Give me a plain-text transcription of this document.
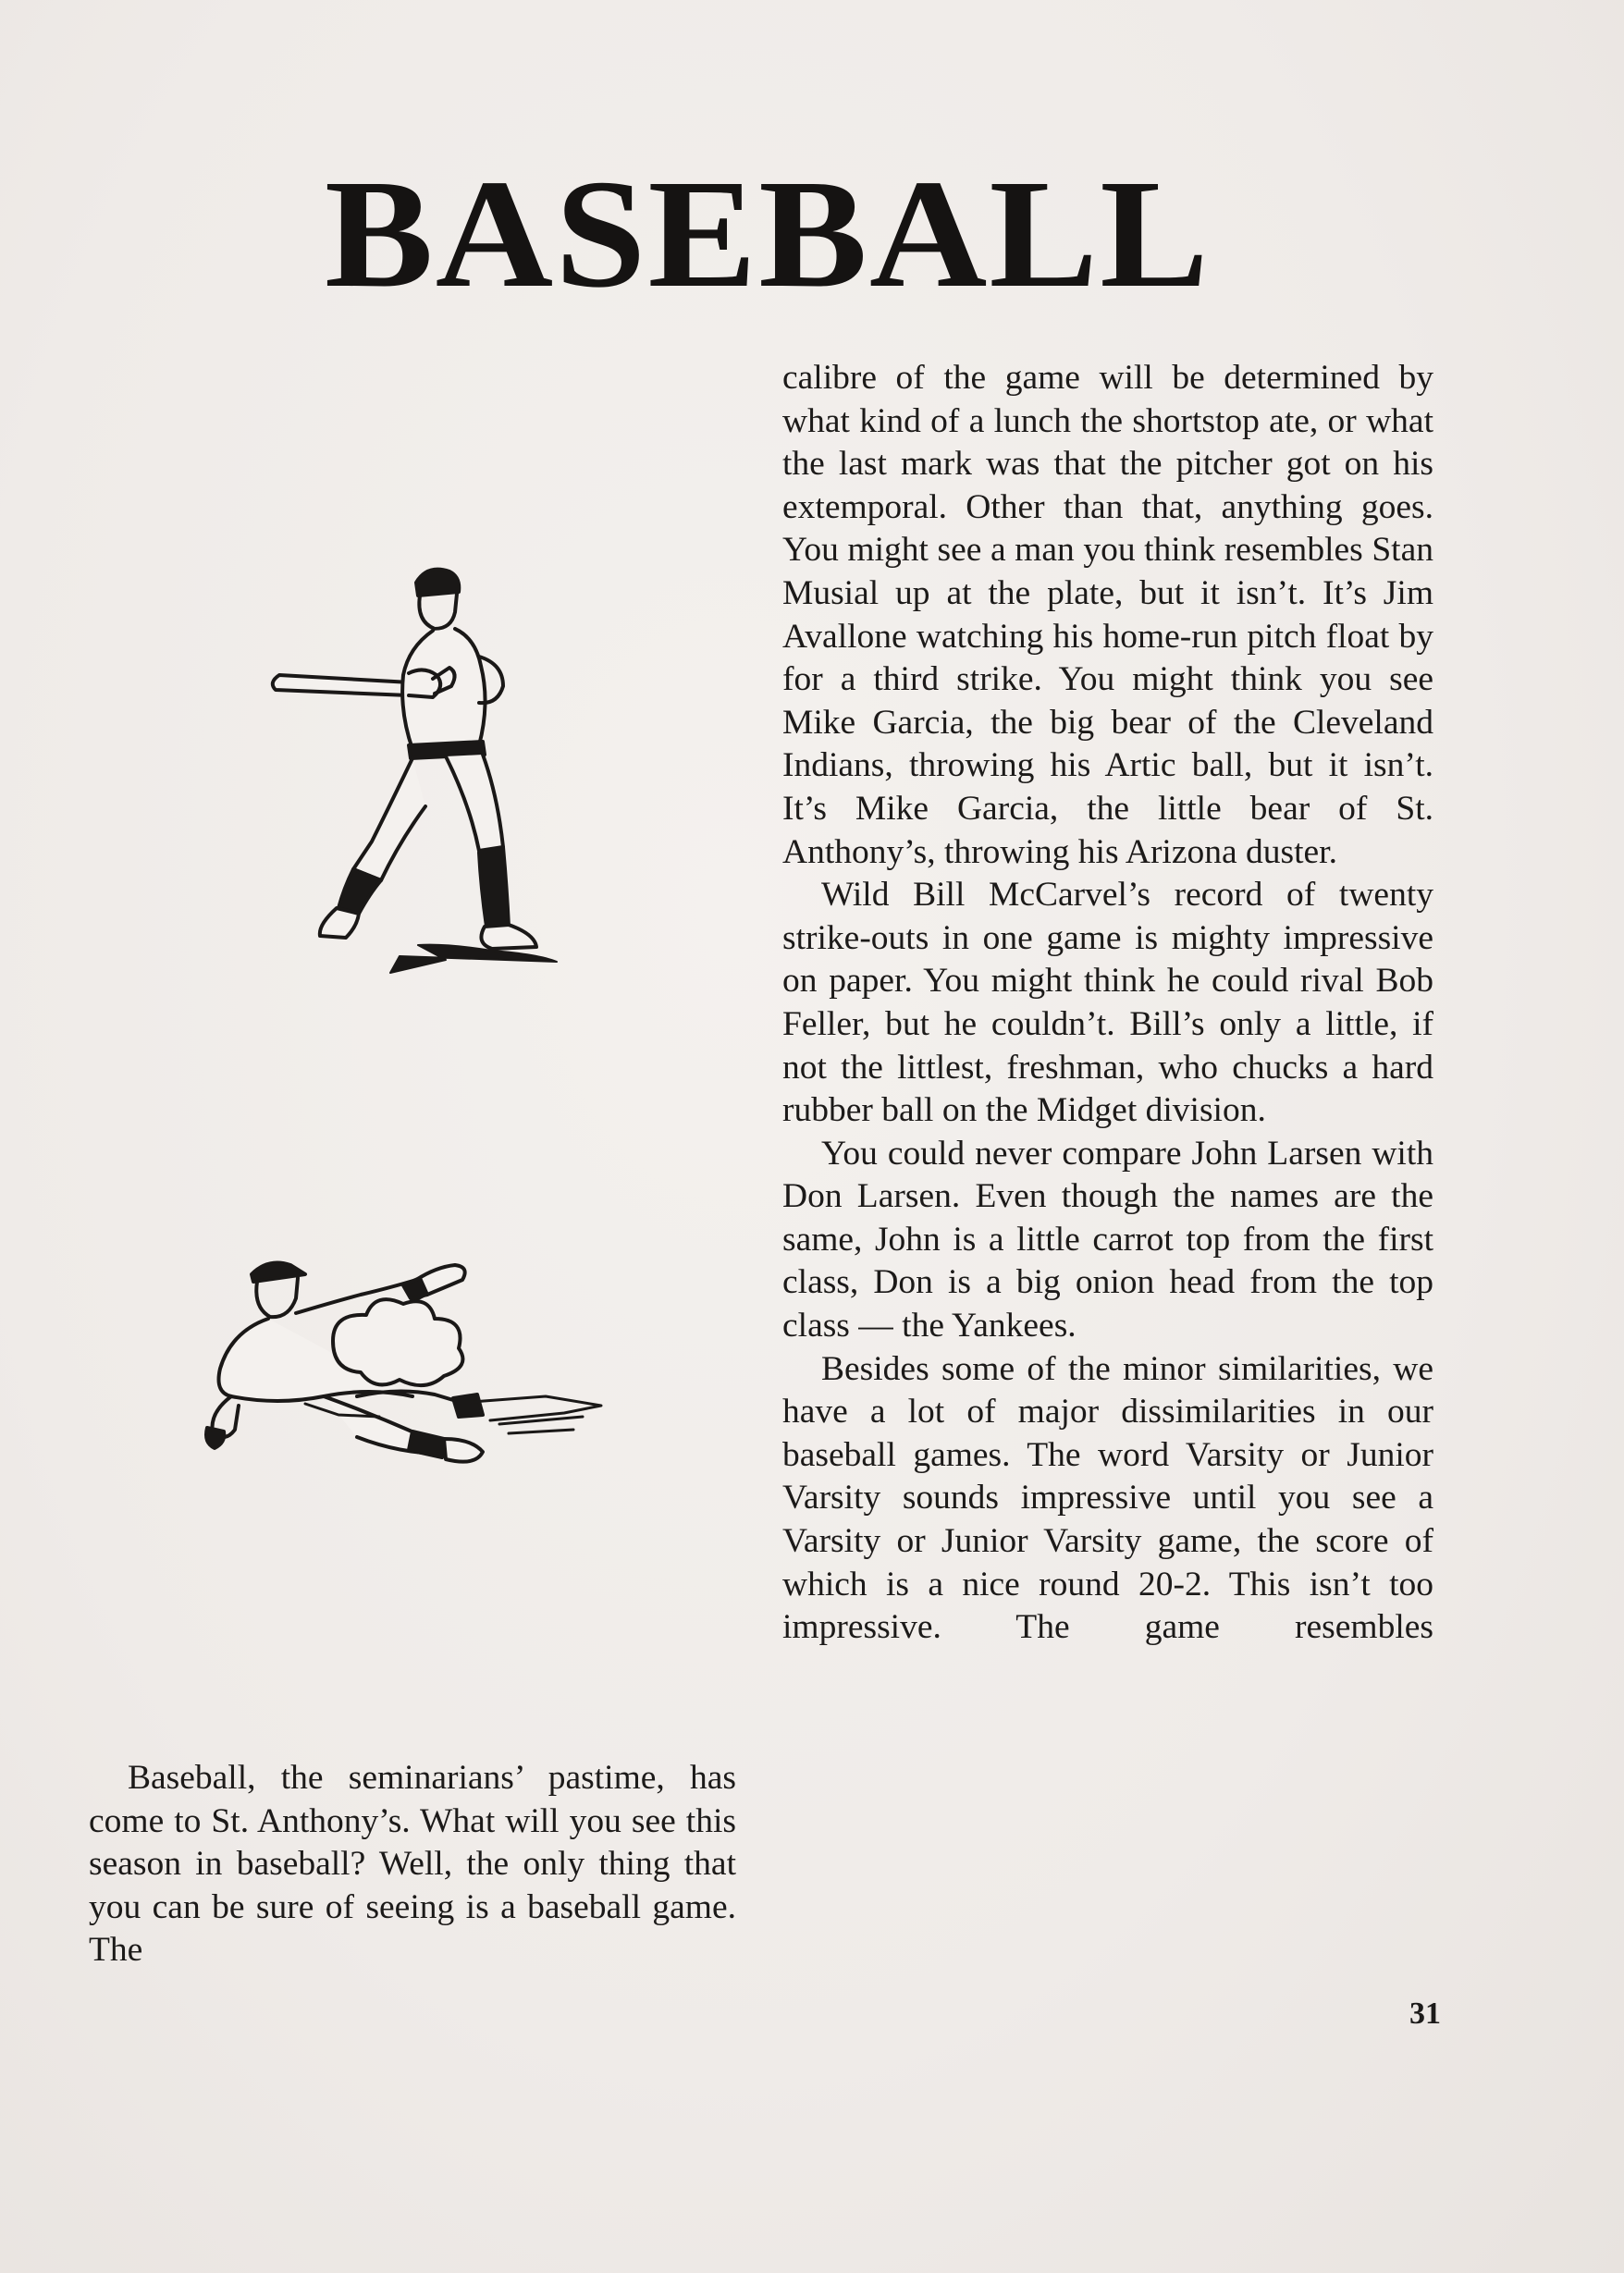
BASEBALL

Baseball, the seminarians’ pastime, has come to St. Anthony’s. What will you see this season in baseball? Well, the only thing that you can be sure of seeing is a baseball game. The

calibre of the game will be determined by what kind of a lunch the shortstop ate, or what the last mark was that the pitcher got on his extemporal. Other than that, anything goes. You might see a man you think resembles Stan Musial up at the plate, but it isn’t. It’s Jim Avallone watching his home-run pitch float by for a third strike. You might think you see Mike Garcia, the big bear of the Cleveland Indians, throwing his Artic ball, but it isn’t. It’s Mike Garcia, the little bear of St. Anthony’s, throwing his Arizona duster.

Wild Bill McCarvel’s record of twenty strike-outs in one game is mighty impressive on paper. You might think he could rival Bob Feller, but he couldn’t. Bill’s only a little, if not the littlest, freshman, who chucks a hard rubber ball on the Midget division.

You could never compare John Larsen with Don Larsen. Even though the names are the same, John is a little carrot top from the first class, Don is a big onion head from the top class — the Yankees.

Besides some of the minor similarities, we have a lot of major dissimilarities in our baseball games. The word Varsity or Junior Varsity sounds impressive until you see a Varsity or Junior Varsity game, the score of which is a nice round 20-2. This isn’t too impressive. The game resembles

31
